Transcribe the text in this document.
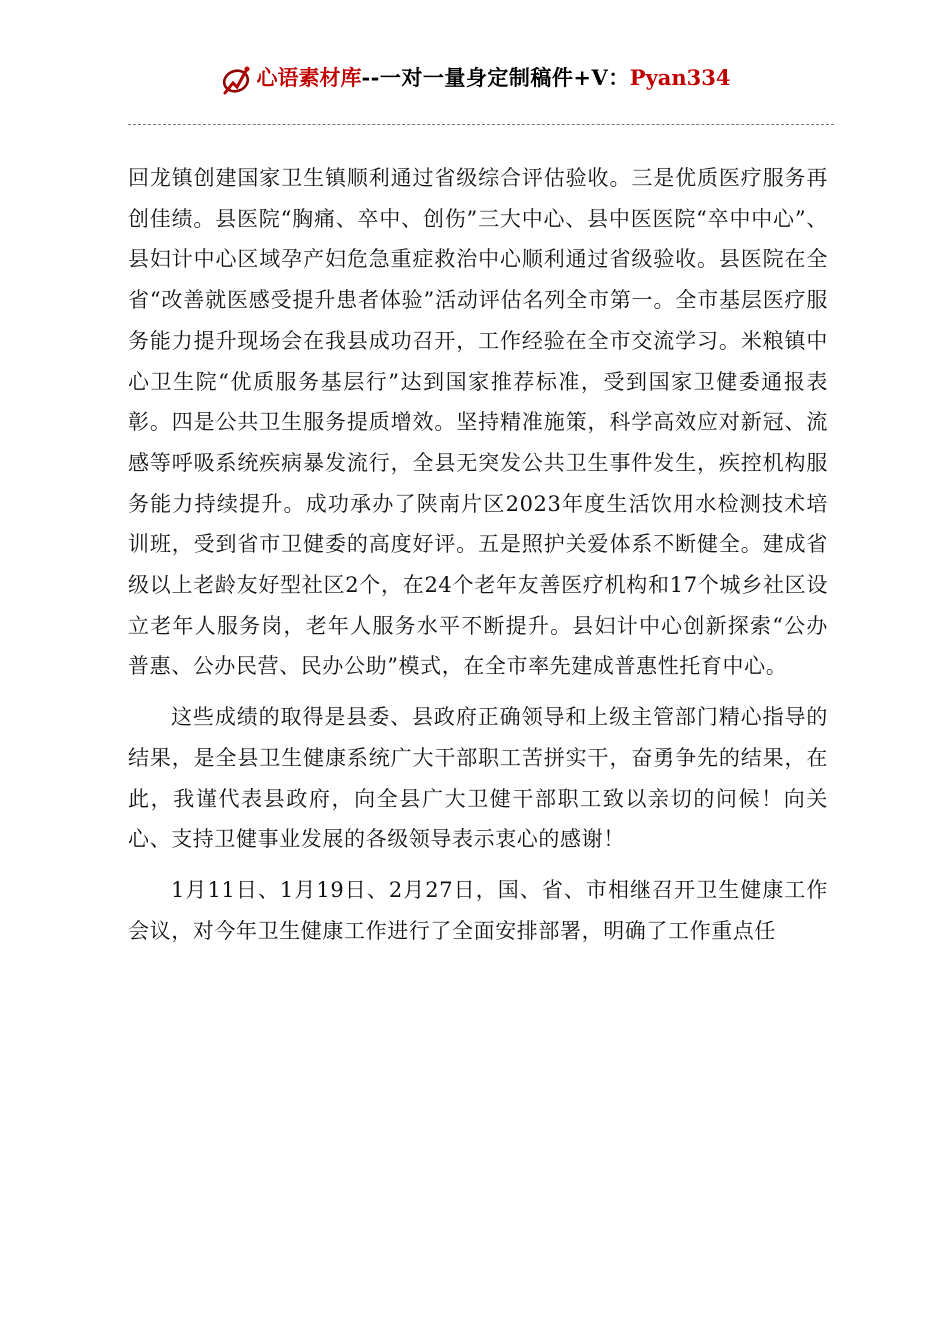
心语素材库--一对一量身定制稿件+V：Pyan334

回龙镇创建国家卫生镇顺利通过省级综合评估验收。三是优质医疗服务再创佳绩。县医院“胸痛、卒中、创伤”三大中心、县中医医院“卒中中心”、县妇计中心区域孕产妇危急重症救治中心顺利通过省级验收。县医院在全省“改善就医感受提升患者体验”活动评估名列全市第一。全市基层医疗服务能力提升现场会在我县成功召开，工作经验在全市交流学习。米粮镇中心卫生院“优质服务基层行”达到国家推荐标准，受到国家卫健委通报表彰。四是公共卫生服务提质增效。坚持精准施策，科学高效应对新冠、流感等呼吸系统疾病暴发流行，全县无突发公共卫生事件发生，疾控机构服务能力持续提升。成功承办了陕南片区2023年度生活饮用水检测技术培训班，受到省市卫健委的高度好评。五是照护关爱体系不断健全。建成省级以上老龄友好型社区2个，在24个老年友善医疗机构和17个城乡社区设立老年人服务岗，老年人服务水平不断提升。县妇计中心创新探索“公办普惠、公办民营、民办公助”模式，在全市率先建成普惠性托育中心。

这些成绩的取得是县委、县政府正确领导和上级主管部门精心指导的结果，是全县卫生健康系统广大干部职工苦拼实干，奋勇争先的结果，在此，我谨代表县政府，向全县广大卫健干部职工致以亲切的问候！向关心、支持卫健事业发展的各级领导表示衷心的感谢！

1月11日、1月19日、2月27日，国、省、市相继召开卫生健康工作会议，对今年卫生健康工作进行了全面安排部署，明确了工作重点任
